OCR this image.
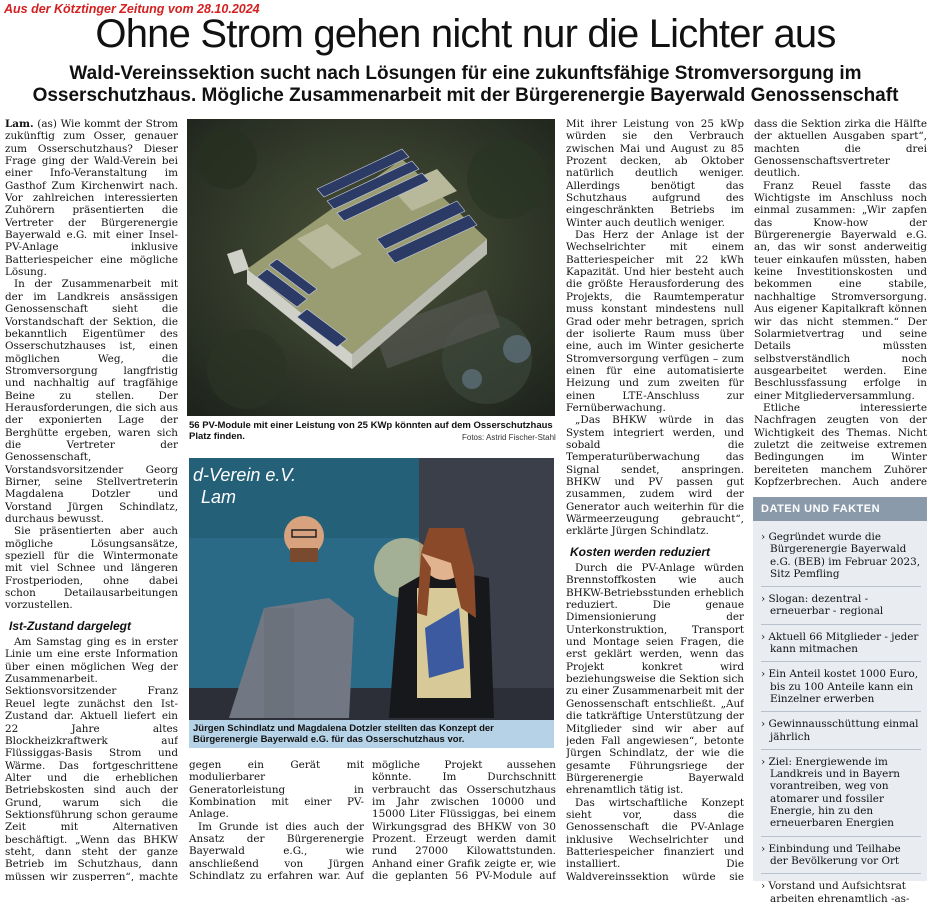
Aus der Kötztinger Zeitung vom 28.10.2024
Ohne Strom gehen nicht nur die Lichter aus
Wald-Vereinssektion sucht nach Lösungen für eine zukunftsfähige Stromversorgung im
Osserschutzhaus. Mögliche Zusammenarbeit mit der Bürgerenergie Bayerwald Genossenschaft

Lam. (as) Wie kommt der Strom zukünftig zum Osser, genauer zum Osserschutzhaus? Dieser Frage ging der Wald-Verein bei einer Info-Veranstaltung im Gasthof Zum Kirchenwirt nach. Vor zahlreichen interessierten Zuhörern präsentierten die Vertreter der Bürgerenergie Bayerwald e.G. mit einer Insel-PV-Anlage inklusive Batteriespeicher eine mögliche Lösung.

In der Zusammenarbeit mit der im Landkreis ansässigen Genossenschaft sieht die Vorstandschaft der Sektion, die bekanntlich Eigentümer des Osserschutzhauses ist, einen möglichen Weg, die Stromversorgung langfristig und nachhaltig auf tragfähige Beine zu stellen. Der Herausforderungen, die sich aus der exponierten Lage der Berghütte ergeben, waren sich die Vertreter der Genossenschaft, Vorstandsvorsitzender Georg Birner, seine Stellvertreterin Magdalena Dotzler und Vorstand Jürgen Schindlatz, durchaus bewusst.

Sie präsentierten aber auch mögliche Lösungsansätze, speziell für die Wintermonate mit viel Schnee und längeren Frostperioden, ohne dabei schon Detailausarbeitungen vorzustellen.

Ist-Zustand dargelegt

Am Samstag ging es in erster Linie um eine erste Information über einen möglichen Weg der Zusammenarbeit. Sektionsvorsitzender Franz Reuel legte zunächst den Ist-Zustand dar. Aktuell liefert ein 22 Jahre altes Blockheizkraftwerk auf Flüssiggas-Basis Strom und Wärme. Das fortgeschrittene Alter und die erheblichen Betriebskosten sind auch der Grund, warum sich die Sektionsführung schon geraume Zeit mit Alternativen beschäftigt. „Wenn das BHKW steht, dann steht der ganze Betrieb im Schutzhaus, dann müssen wir zusperren“, machte

56 PV-Module mit einer Leistung von 25 KWp könnten auf dem Osserschutzhaus Platz finden.	Fotos: Astrid Fischer-Stahl
d-Verein e.V.
Lam
Jürgen Schindlatz und Magdalena Dotzler stellten das Konzept der Bürgerenergie Bayerwald e.G. für das Osserschutzhaus vor.

gegen ein Gerät mit modulierbarer Generatorleistung in Kombination mit einer PV-Anlage.

Im Grunde ist dies auch der Ansatz der Bürgerenergie Bayerwald e.G., wie anschließend von Jürgen Schindlatz zu erfahren war. Auf

mögliche Projekt aussehen könnte. Im Durchschnitt verbraucht das Osserschutzhaus im Jahr zwischen 10000 und 15000 Liter Flüssiggas, bei einem Wirkungsgrad des BHKW von 30 Prozent. Erzeugt werden damit rund 27000 Kilowattstunden. Anhand einer Grafik zeigte er, wie die geplanten 56 PV-Module auf

Mit ihrer Leistung von 25 kWp würden sie den Verbrauch zwischen Mai und August zu 85 Prozent decken, ab Oktober natürlich deutlich weniger. Allerdings benötigt das Schutzhaus aufgrund des eingeschränkten Betriebs im Winter auch deutlich weniger.

Das Herz der Anlage ist der Wechselrichter mit einem Batteriespeicher mit 22 kWh Kapazität. Und hier besteht auch die größte Herausforderung des Projekts, die Raumtemperatur muss konstant mindestens null Grad oder mehr betragen, sprich der isolierte Raum muss über eine, auch im Winter gesicherte Stromversorgung verfügen – zum einen für eine automatisierte Heizung und zum zweiten für einen LTE-Anschluss zur Fernüberwachung.

„Das BHKW würde in das System integriert werden, und sobald die Temperaturüberwachung das Signal sendet, anspringen. BHKW und PV passen gut zusammen, zudem wird der Generator auch weiterhin für die Wärmeerzeugung gebraucht“, erklärte Jürgen Schindlatz.

Kosten werden reduziert

Durch die PV-Anlage würden Brennstoffkosten wie auch BHKW-Betriebsstunden erheblich reduziert. Die genaue Dimensionierung der Unterkonstruktion, Transport und Montage seien Fragen, die erst geklärt werden, wenn das Projekt konkret wird beziehungsweise die Sektion sich zu einer Zusammenarbeit mit der Genossenschaft entschließt. „Auf die tatkräftige Unterstützung der Mitglieder sind wir aber auf jeden Fall angewiesen“, betonte Jürgen Schindlatz, der wie die gesamte Führungsriege der Bürgerenergie Bayerwald ehrenamtlich tätig ist.

Das wirtschaftliche Konzept sieht vor, dass die Genossenschaft die PV-Anlage inklusive Wechselrichter und Batteriespeicher finanziert und installiert. Die Waldvereinssektion würde sie

dass die Sektion zirka die Hälfte der aktuellen Ausgaben spart“, machten die drei Genossenschaftsvertreter deutlich.

Franz Reuel fasste das Wichtigste im Anschluss noch einmal zusammen: „Wir zapfen das Know-how der Bürgerenergie Bayerwald e.G. an, das wir sonst anderweitig teuer einkaufen müssten, haben keine Investitionskosten und bekommen eine stabile, nachhaltige Stromversorgung. Aus eigener Kapitalkraft können wir das nicht stemmen.“ Der Solarmietvertrag und seine Details müssten selbstverständlich noch ausgearbeitet werden. Eine Beschlussfassung erfolge in einer Mitgliederversammlung.

Etliche interessierte Nachfragen zeugten von der Wichtigkeit des Themas. Nicht zuletzt die zeitweise extremen Bedingungen im Winter bereiteten manchem Zuhörer Kopfzerbrechen. Auch andere

DATEN UND FAKTEN
› Gegründet wurde die Bürgerenergie Bayerwald e.G. (BEB) im Februar 2023, Sitz Pemfling
› Slogan: dezentral - erneuerbar - regional
› Aktuell 66 Mitglieder - jeder kann mitmachen
› Ein Anteil kostet 1000 Euro, bis zu 100 Anteile kann ein Einzelner erwerben
› Gewinnausschüttung einmal jährlich
› Ziel: Energiewende im Landkreis und in Bayern vorantreiben, weg von atomarer und fossiler Energie, hin zu den erneuerbaren Energien
› Einbindung und Teilhabe der Bevölkerung vor Ort
› Vorstand und Aufsichtsrat arbeiten ehrenamtlich -as-
